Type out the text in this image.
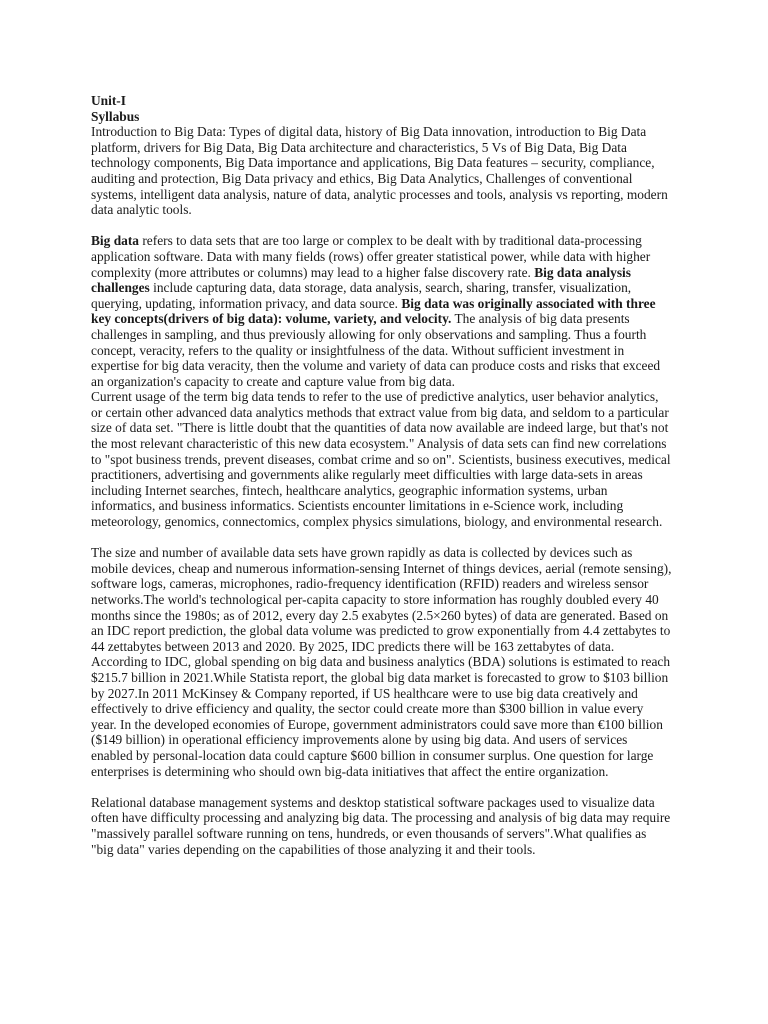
Unit-I
Syllabus

Introduction to Big Data: Types of digital data, history of Big Data innovation, introduction to Big Data platform, drivers for Big Data, Big Data architecture and characteristics, 5 Vs of Big Data, Big Data technology components, Big Data importance and applications, Big Data features – security, compliance, auditing and protection, Big Data privacy and ethics, Big Data Analytics, Challenges of conventional systems, intelligent data analysis, nature of data, analytic processes and tools, analysis vs reporting, modern data analytic tools.

Big data refers to data sets that are too large or complex to be dealt with by traditional data-processing application software. Data with many fields (rows) offer greater statistical power, while data with higher complexity (more attributes or columns) may lead to a higher false discovery rate. Big data analysis challenges include capturing data, data storage, data analysis, search, sharing, transfer, visualization, querying, updating, information privacy, and data source. Big data was originally associated with three key concepts(drivers of big data): volume, variety, and velocity. The analysis of big data presents challenges in sampling, and thus previously allowing for only observations and sampling. Thus a fourth concept, veracity, refers to the quality or insightfulness of the data. Without sufficient investment in expertise for big data veracity, then the volume and variety of data can produce costs and risks that exceed an organization's capacity to create and capture value from big data.

Current usage of the term big data tends to refer to the use of predictive analytics, user behavior analytics, or certain other advanced data analytics methods that extract value from big data, and seldom to a particular size of data set. "There is little doubt that the quantities of data now available are indeed large, but that's not the most relevant characteristic of this new data ecosystem." Analysis of data sets can find new correlations to "spot business trends, prevent diseases, combat crime and so on". Scientists, business executives, medical practitioners, advertising and governments alike regularly meet difficulties with large data-sets in areas including Internet searches, fintech, healthcare analytics, geographic information systems, urban informatics, and business informatics. Scientists encounter limitations in e-Science work, including meteorology, genomics, connectomics, complex physics simulations, biology, and environmental research.

The size and number of available data sets have grown rapidly as data is collected by devices such as mobile devices, cheap and numerous information-sensing Internet of things devices, aerial (remote sensing), software logs, cameras, microphones, radio-frequency identification (RFID) readers and wireless sensor networks.The world's technological per-capita capacity to store information has roughly doubled every 40 months since the 1980s; as of 2012, every day 2.5 exabytes (2.5×260 bytes) of data are generated. Based on an IDC report prediction, the global data volume was predicted to grow exponentially from 4.4 zettabytes to 44 zettabytes between 2013 and 2020. By 2025, IDC predicts there will be 163 zettabytes of data. According to IDC, global spending on big data and business analytics (BDA) solutions is estimated to reach $215.7 billion in 2021.While Statista report, the global big data market is forecasted to grow to $103 billion by 2027.In 2011 McKinsey & Company reported, if US healthcare were to use big data creatively and effectively to drive efficiency and quality, the sector could create more than $300 billion in value every year. In the developed economies of Europe, government administrators could save more than €100 billion ($149 billion) in operational efficiency improvements alone by using big data. And users of services enabled by personal-location data could capture $600 billion in consumer surplus. One question for large enterprises is determining who should own big-data initiatives that affect the entire organization.

Relational database management systems and desktop statistical software packages used to visualize data often have difficulty processing and analyzing big data. The processing and analysis of big data may require "massively parallel software running on tens, hundreds, or even thousands of servers".What qualifies as "big data" varies depending on the capabilities of those analyzing it and their tools.
